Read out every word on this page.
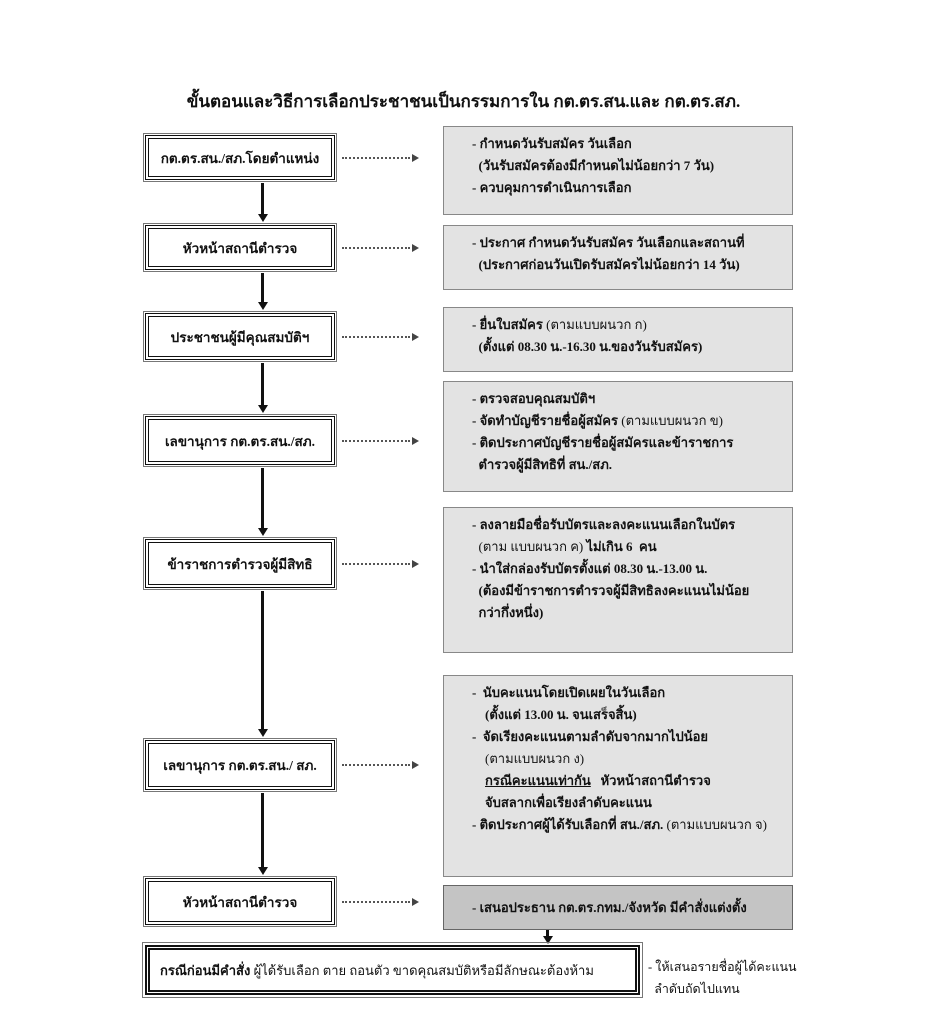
ขั้นตอนและวิธีการเลือกประชาชนเป็นกรรมการใน กต.ตร.สน.และ กต.ตร.สภ.
กต.ตร.สน./สภ.โดยตำแหน่ง
- กำหนดวันรับสมัคร วันเลือก
(วันรับสมัครต้องมีกำหนดไม่น้อยกว่า 7 วัน)
- ควบคุมการดำเนินการเลือก
หัวหน้าสถานีตำรวจ	- ประกาศ กำหนดวันรับสมัคร วันเลือกและสถานที่
(ประกาศก่อนวันเปิดรับสมัครไม่น้อยกว่า 14 วัน)
ประชาชนผู้มีคุณสมบัติฯ
- ยื่นใบสมัคร (ตามแบบผนวก ก)
(ตั้งแต่ 08.30 น.-16.30 น.ของวันรับสมัคร)
เลขานุการ กต.ตร.สน./สภ.
- ตรวจสอบคุณสมบัติฯ
- จัดทำบัญชีรายชื่อผู้สมัคร (ตามแบบผนวก ข)
- ติดประกาศบัญชีรายชื่อผู้สมัครและข้าราชการ
ตำรวจผู้มีสิทธิที่ สน./สภ.
ข้าราชการตำรวจผู้มีสิทธิ
- ลงลายมือชื่อรับบัตรและลงคะแนนเลือกในบัตร
(ตาม แบบผนวก ค) ไม่เกิน 6  คน
- นำใส่กล่องรับบัตรตั้งแต่ 08.30 น.-13.00 น.
(ต้องมีข้าราชการตำรวจผู้มีสิทธิลงคะแนนไม่น้อย
กว่ากึ่งหนึ่ง)
เลขานุการ กต.ตร.สน./ สภ.
-  นับคะแนนโดยเปิดเผยในวันเลือก
(ตั้งแต่ 13.00 น. จนเสร็จสิ้น)
-  จัดเรียงคะแนนตามลำดับจากมากไปน้อย
(ตามแบบผนวก ง)
กรณีคะแนนเท่ากัน   หัวหน้าสถานีตำรวจ
จับสลากเพื่อเรียงลำดับคะแนน
- ติดประกาศผู้ได้รับเลือกที่ สน./สภ. (ตามแบบผนวก จ)
หัวหน้าสถานีตำรวจ	- เสนอประธาน กต.ตร.กทม./จังหวัด มีคำสั่งแต่งตั้ง
กรณีก่อนมีคำสั่ง ผู้ได้รับเลือก ตาย ถอนตัว ขาดคุณสมบัติหรือมีลักษณะต้องห้าม	- ให้เสนอรายชื่อผู้ได้คะแนน
ลำดับถัดไปแทน
